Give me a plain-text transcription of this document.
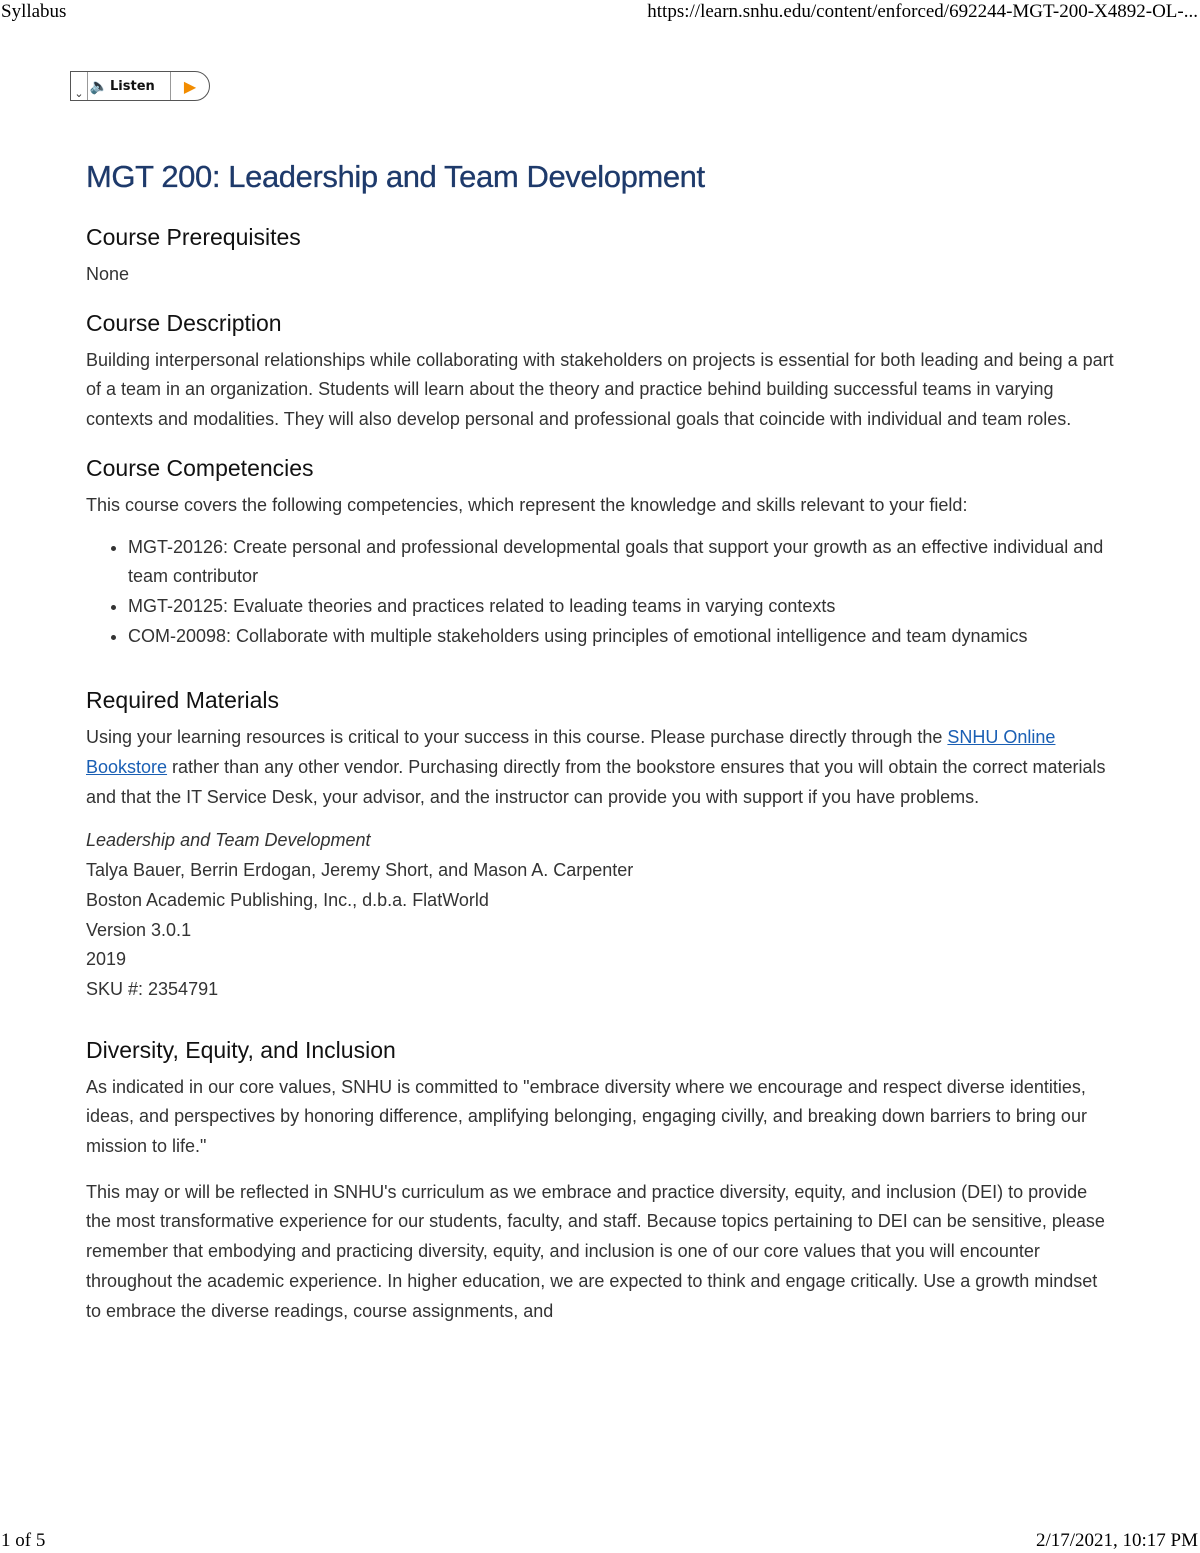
Syllabus	https://learn.snhu.edu/content/enforced/692244-MGT-200-X4892-OL-...
⌄ 🔈 Listen	▶
MGT 200: Leadership and Team Development
Course Prerequisites

None

Course Description

Building interpersonal relationships while collaborating with stakeholders on projects is essential for both leading and being a part of a team in an organization. Students will learn about the theory and practice behind building successful teams in varying contexts and modalities. They will also develop personal and professional goals that coincide with individual and team roles.

Course Competencies

This course covers the following competencies, which represent the knowledge and skills relevant to your field:

• MGT-20126: Create personal and professional developmental goals that support your growth as an effective individual and team contributor
• MGT-20125: Evaluate theories and practices related to leading teams in varying contexts
• COM-20098: Collaborate with multiple stakeholders using principles of emotional intelligence and team dynamics
Required Materials

Using your learning resources is critical to your success in this course. Please purchase directly through the SNHU Online Bookstore rather than any other vendor. Purchasing directly from the bookstore ensures that you will obtain the correct materials and that the IT Service Desk, your advisor, and the instructor can provide you with support if you have problems.

Leadership and Team Development
Talya Bauer, Berrin Erdogan, Jeremy Short, and Mason A. Carpenter
Boston Academic Publishing, Inc., d.b.a. FlatWorld
Version 3.0.1
2019
SKU #: 2354791
Diversity, Equity, and Inclusion

As indicated in our core values, SNHU is committed to "embrace diversity where we encourage and respect diverse identities, ideas, and perspectives by honoring difference, amplifying belonging, engaging civilly, and breaking down barriers to bring our mission to life."

This may or will be reflected in SNHU's curriculum as we embrace and practice diversity, equity, and inclusion (DEI) to provide the most transformative experience for our students, faculty, and staff. Because topics pertaining to DEI can be sensitive, please remember that embodying and practicing diversity, equity, and inclusion is one of our core values that you will encounter throughout the academic experience. In higher education, we are expected to think and engage critically. Use a growth mindset to embrace the diverse readings, course assignments, and

1 of 5	2/17/2021, 10:17 PM
